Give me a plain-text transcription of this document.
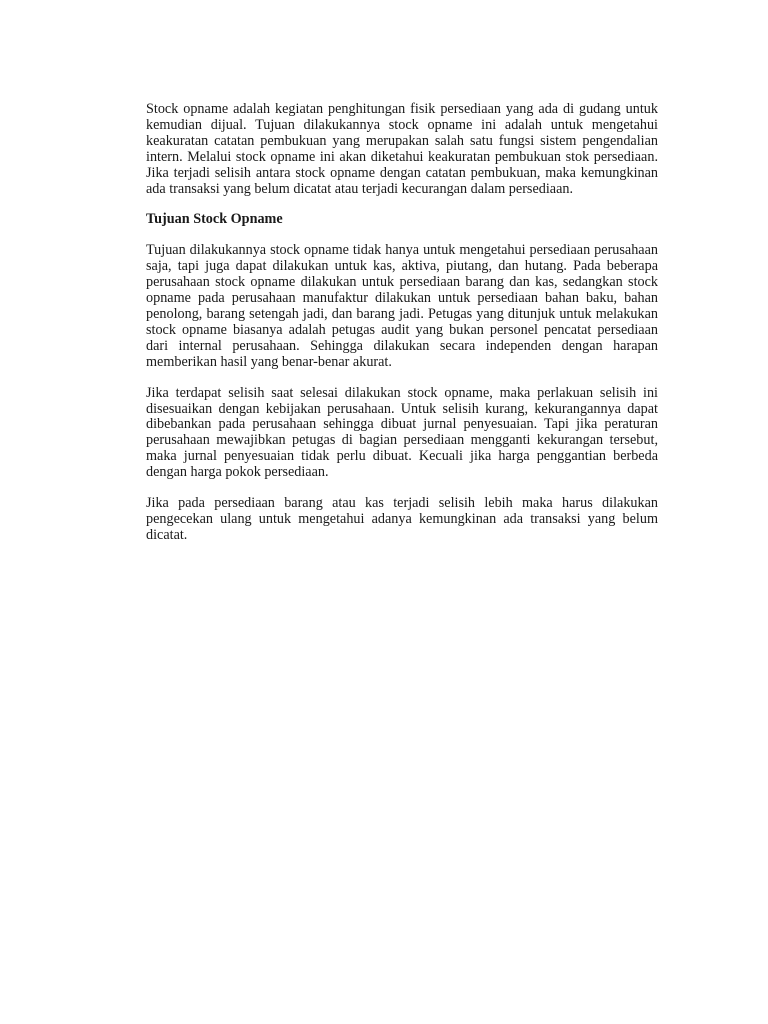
Stock opname adalah kegiatan penghitungan fisik persediaan yang ada di gudang untuk kemudian dijual. Tujuan dilakukannya stock opname ini adalah untuk mengetahui keakuratan catatan pembukuan yang merupakan salah satu fungsi sistem pengendalian intern. Melalui stock opname ini akan diketahui keakuratan pembukuan stok persediaan. Jika terjadi selisih antara stock opname dengan catatan pembukuan, maka kemungkinan ada transaksi yang belum dicatat atau terjadi kecurangan dalam persediaan.

Tujuan Stock Opname

Tujuan dilakukannya stock opname tidak hanya untuk mengetahui persediaan perusahaan saja, tapi juga dapat dilakukan untuk kas, aktiva, piutang, dan hutang. Pada beberapa perusahaan stock opname dilakukan untuk persediaan barang dan kas, sedangkan stock opname pada perusahaan manufaktur dilakukan untuk persediaan bahan baku, bahan penolong, barang setengah jadi, dan barang jadi. Petugas yang ditunjuk untuk melakukan stock opname biasanya adalah petugas audit yang bukan personel pencatat persediaan dari internal perusahaan. Sehingga dilakukan secara independen dengan harapan memberikan hasil yang benar-benar akurat.

Jika terdapat selisih saat selesai dilakukan stock opname, maka perlakuan selisih ini disesuaikan dengan kebijakan perusahaan. Untuk selisih kurang, kekurangannya dapat dibebankan pada perusahaan sehingga dibuat jurnal penyesuaian. Tapi jika peraturan perusahaan mewajibkan petugas di bagian persediaan mengganti kekurangan tersebut, maka jurnal penyesuaian tidak perlu dibuat. Kecuali jika harga penggantian berbeda dengan harga pokok persediaan.

Jika pada persediaan barang atau kas terjadi selisih lebih maka harus dilakukan pengecekan ulang untuk mengetahui adanya kemungkinan ada transaksi yang belum dicatat.
